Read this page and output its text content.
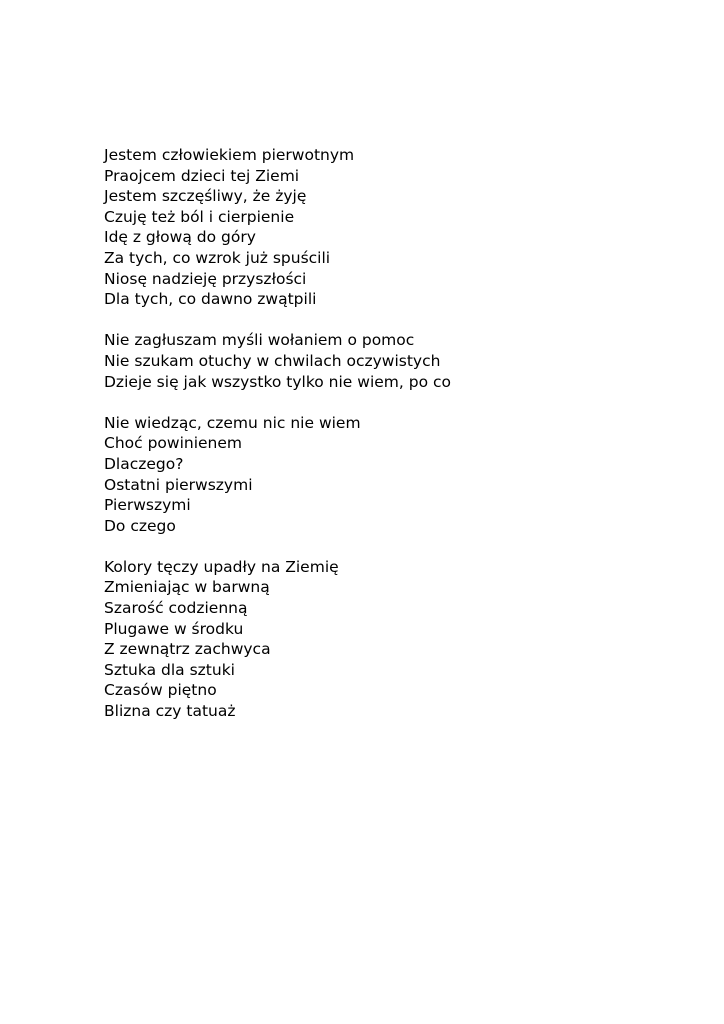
Jestem człowiekiem pierwotnym
Praojcem dzieci tej Ziemi
Jestem szczęśliwy, że żyję
Czuję też ból i cierpienie
Idę z głową do góry
Za tych, co wzrok już spuścili
Niosę nadzieję przyszłości
Dla tych, co dawno zwątpili
Nie zagłuszam myśli wołaniem o pomoc
Nie szukam otuchy w chwilach oczywistych
Dzieje się jak wszystko tylko nie wiem, po co
Nie wiedząc, czemu nic nie wiem
Choć powinienem
Dlaczego?
Ostatni pierwszymi
Pierwszymi
Do czego
Kolory tęczy upadły na Ziemię
Zmieniając w barwną
Szarość codzienną
Plugawe w środku
Z zewnątrz zachwyca
Sztuka dla sztuki
Czasów piętno
Blizna czy tatuaż
